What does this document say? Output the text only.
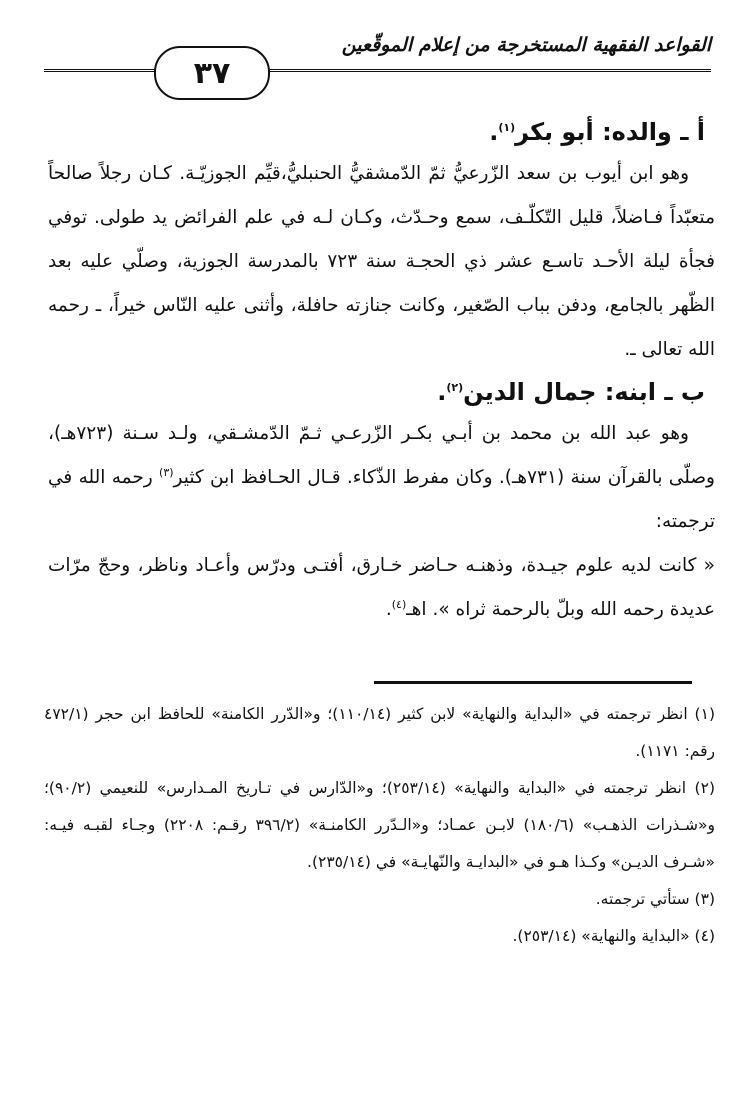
القواعد الفقهية المستخرجة من إعلام الموقّعين
٣٧

أ ـ والده: أبو بكر$^{(١)}$.

وهو ابن أيوب بن سعد الزّرعيُّ ثمّ الدّمشقيُّ الحنبليُّ،قيِّم الجوزيّـة. كـان رجلاً صالحاً متعبّداً فـاضلاً، قليل التّكلّـف، سمع وحـدّث، وكـان لـه في علم الفرائض يد طولى. توفي فجأة ليلة الأحـد تاسـع عشر ذي الحجـة سنة ٧٢٣ بالمدرسة الجوزية، وصلّي عليه بعد الظّهر بالجامع، ودفن بباب الصّغير، وكانت جنازته حافلة، وأثنى عليه النّاس خيراً، ـ رحمه الله تعالى ـ.

ب ـ ابنه: جمال الدين$^{(٢)}$.

وهو عبد الله بن محمد بن أبـي بكـر الزّرعـي ثـمّ الدّمشـقي، ولـد سـنة (٧٢٣هـ)، وصلّى بالقرآن سنة (٧٣١هـ). وكان مفرط الذّكاء. قـال الحـافظ ابن كثير$^{(٣)}$ رحمه الله في ترجمته:

« كانت لديه علوم جيـدة، وذهنـه حـاضر خـارق، أفتـى ودرّس وأعـاد وناظر، وحجّ مرّات عديدة رحمه الله وبلّ بالرحمة ثراه ». اهـ$^{(٤)}$.

(١) انظر ترجمته في «البداية والنهاية» لابن كثير (١١٠/١٤)؛ و«الدّرر الكامنة» للحافظ ابن حجر (٤٧٢/١ رقم: ١١٧١).

(٢) انظر ترجمته في «البداية والنهاية» (٢٥٣/١٤)؛ و«الدّارس في تـاريخ المـدارس» للنعيمي (٩٠/٢)؛ و«شـذرات الذهـب» (١٨٠/٦) لابـن عمـاد؛ و«الـدّرر الكامنـة» (٣٩٦/٢ رقـم: ٢٢٠٨) وجـاء لقبـه فيـه: «شـرف الديـن» وكـذا هـو في «البدايـة والنّهايـة» في (٢٣٥/١٤).

(٣) ستأتي ترجمته.

(٤) «البداية والنهاية» (٢٥٣/١٤).
